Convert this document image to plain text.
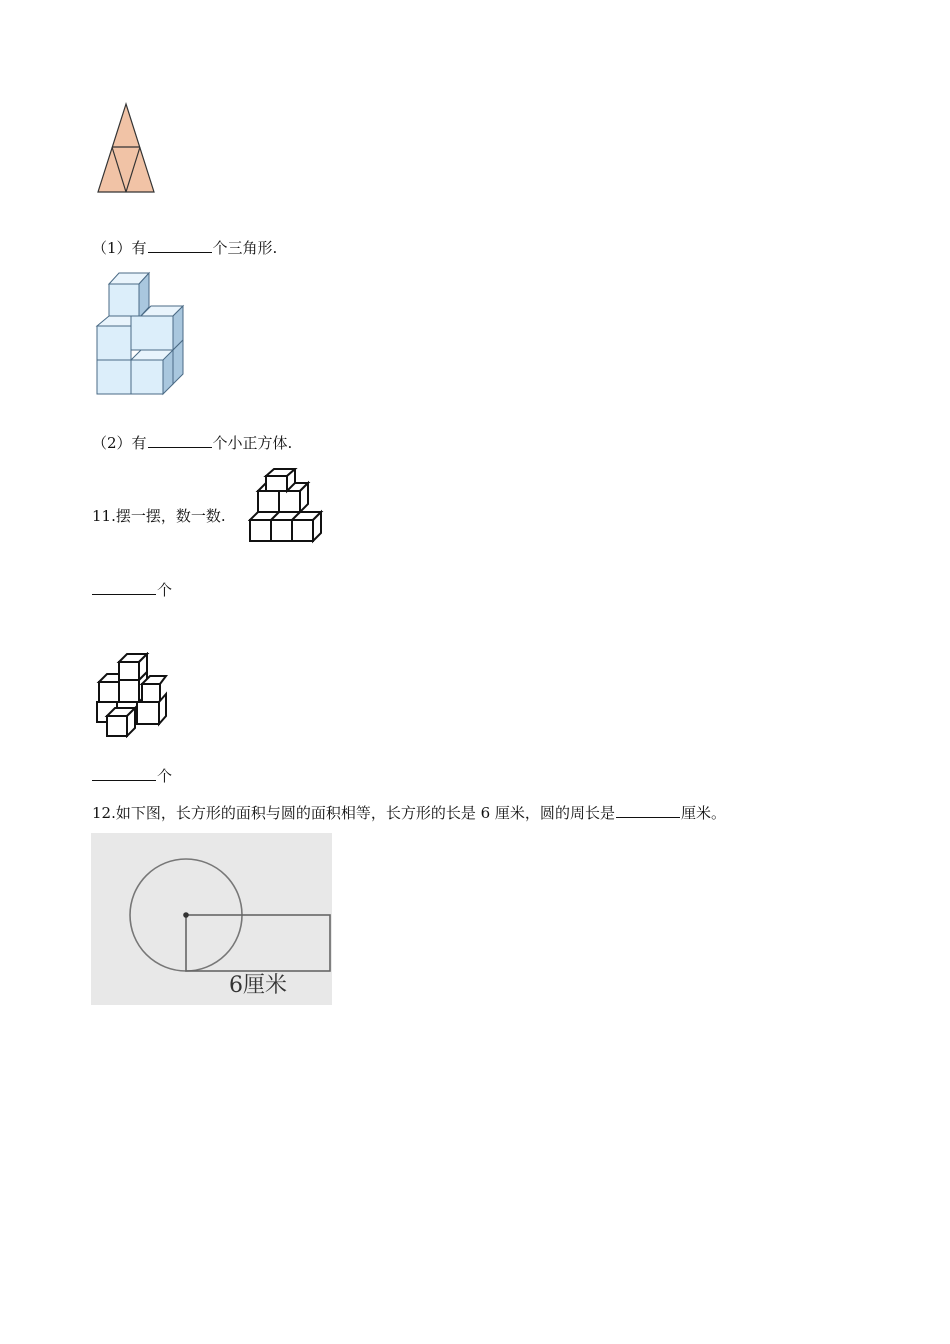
（1）有	个三角形.
（2）有	个小正方体.
11.摆一摆，数一数.
个
个
12.如下图，长方形的面积与圆的面积相等，长方形的长是 6 厘米，圆的周长是	厘米。
6厘米
